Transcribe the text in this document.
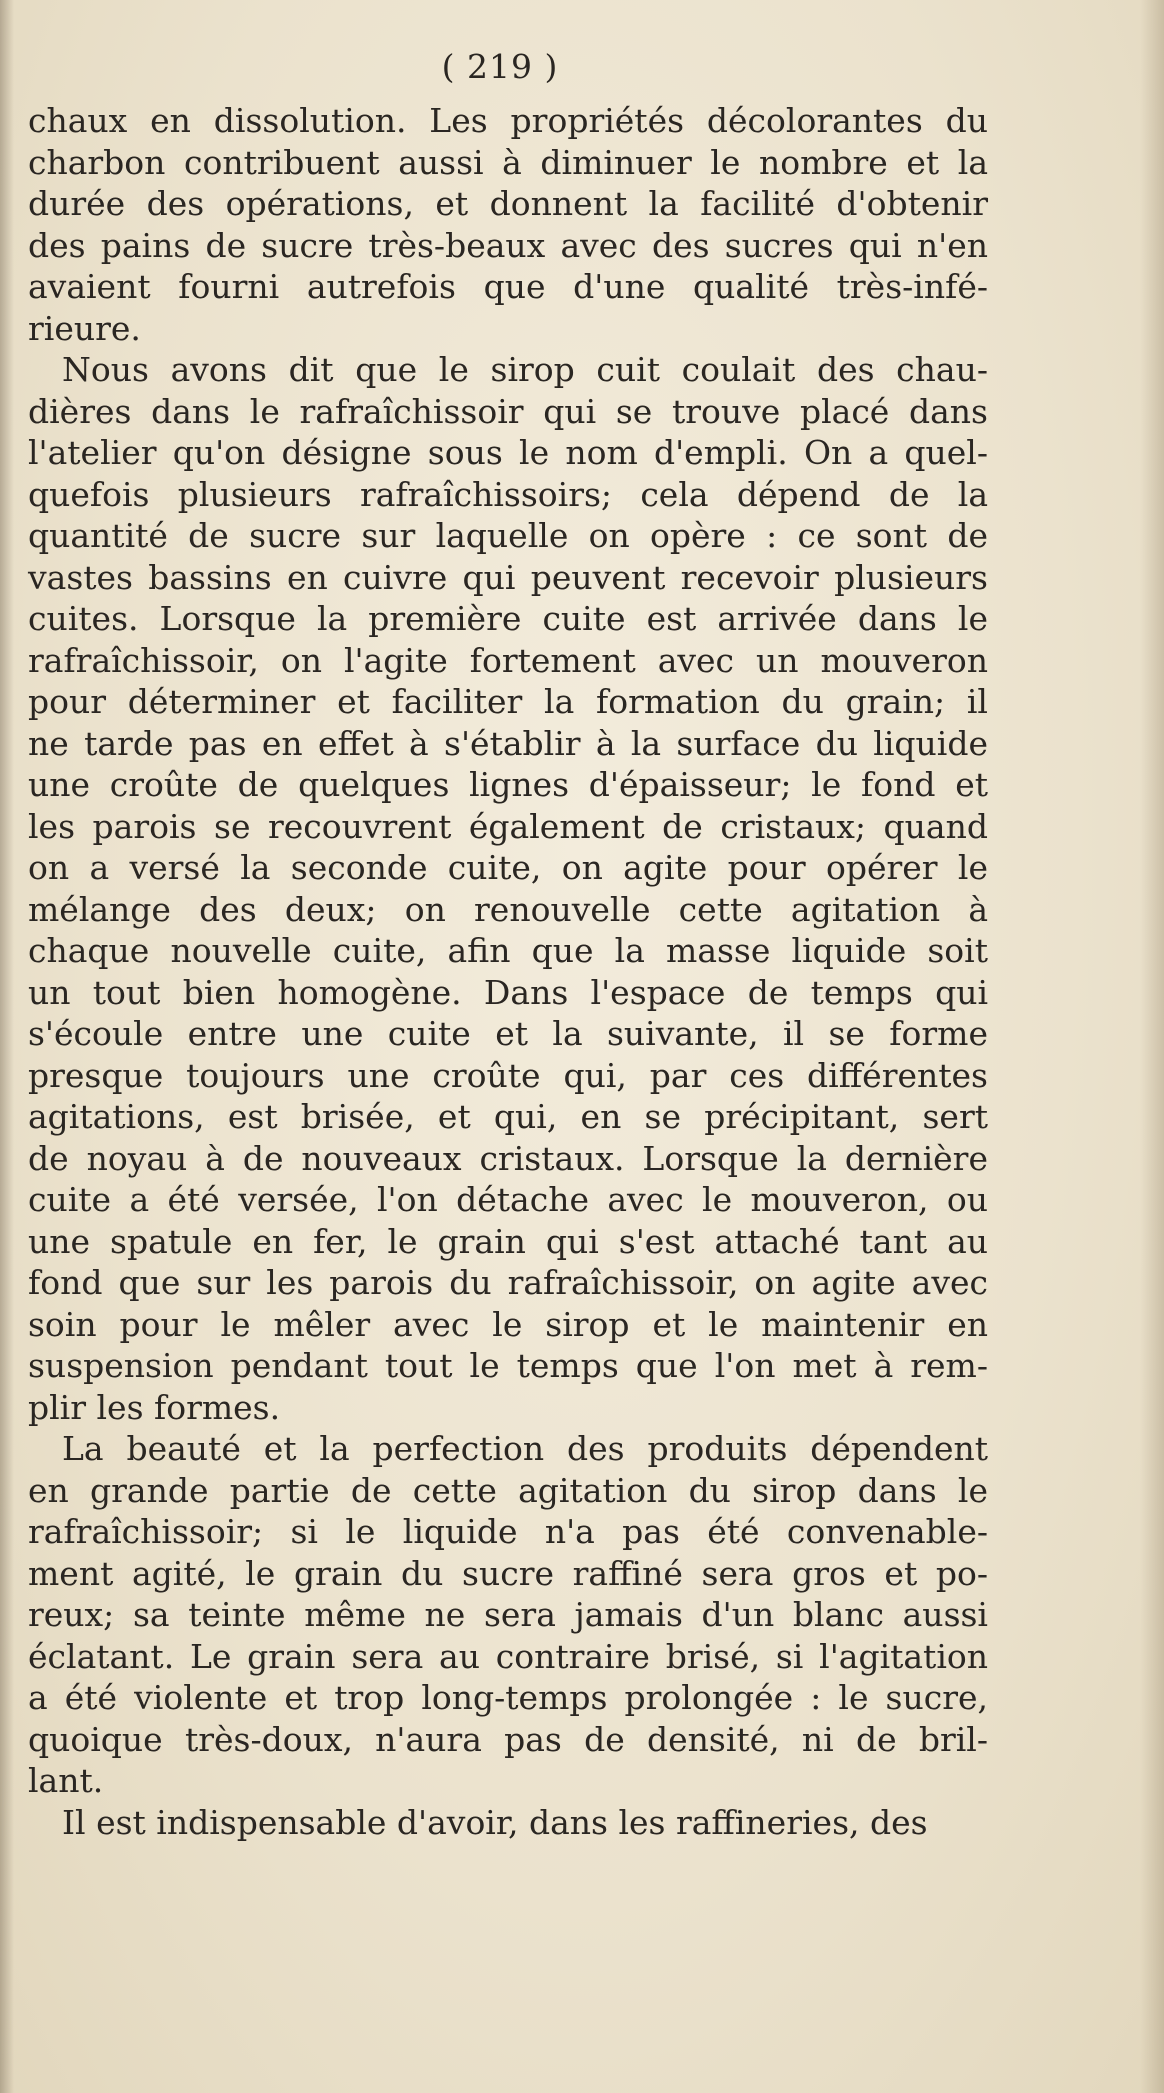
( 219 )
chaux en dissolution. Les propriétés décolorantes du
charbon contribuent aussi à diminuer le nombre et la
durée des opérations, et donnent la facilité d'obtenir
des pains de sucre très-beaux avec des sucres qui n'en
avaient fourni autrefois que d'une qualité très-infé-
rieure.
Nous avons dit que le sirop cuit coulait des chau-
dières dans le rafraîchissoir qui se trouve placé dans
l'atelier qu'on désigne sous le nom d'empli. On a quel-
quefois plusieurs rafraîchissoirs; cela dépend de la
quantité de sucre sur laquelle on opère : ce sont de
vastes bassins en cuivre qui peuvent recevoir plusieurs
cuites. Lorsque la première cuite est arrivée dans le
rafraîchissoir, on l'agite fortement avec un mouveron
pour déterminer et faciliter la formation du grain; il
ne tarde pas en effet à s'établir à la surface du liquide
une croûte de quelques lignes d'épaisseur; le fond et
les parois se recouvrent également de cristaux; quand
on a versé la seconde cuite, on agite pour opérer le
mélange des deux; on renouvelle cette agitation à
chaque nouvelle cuite, afin que la masse liquide soit
un tout bien homogène. Dans l'espace de temps qui
s'écoule entre une cuite et la suivante, il se forme
presque toujours une croûte qui, par ces différentes
agitations, est brisée, et qui, en se précipitant, sert
de noyau à de nouveaux cristaux. Lorsque la dernière
cuite a été versée, l'on détache avec le mouveron, ou
une spatule en fer, le grain qui s'est attaché tant au
fond que sur les parois du rafraîchissoir, on agite avec
soin pour le mêler avec le sirop et le maintenir en
suspension pendant tout le temps que l'on met à rem-
plir les formes.
La beauté et la perfection des produits dépendent
en grande partie de cette agitation du sirop dans le
rafraîchissoir; si le liquide n'a pas été convenable-
ment agité, le grain du sucre raffiné sera gros et po-
reux; sa teinte même ne sera jamais d'un blanc aussi
éclatant. Le grain sera au contraire brisé, si l'agitation
a été violente et trop long-temps prolongée : le sucre,
quoique très-doux, n'aura pas de densité, ni de bril-
lant.
Il est indispensable d'avoir, dans les raffineries, des
